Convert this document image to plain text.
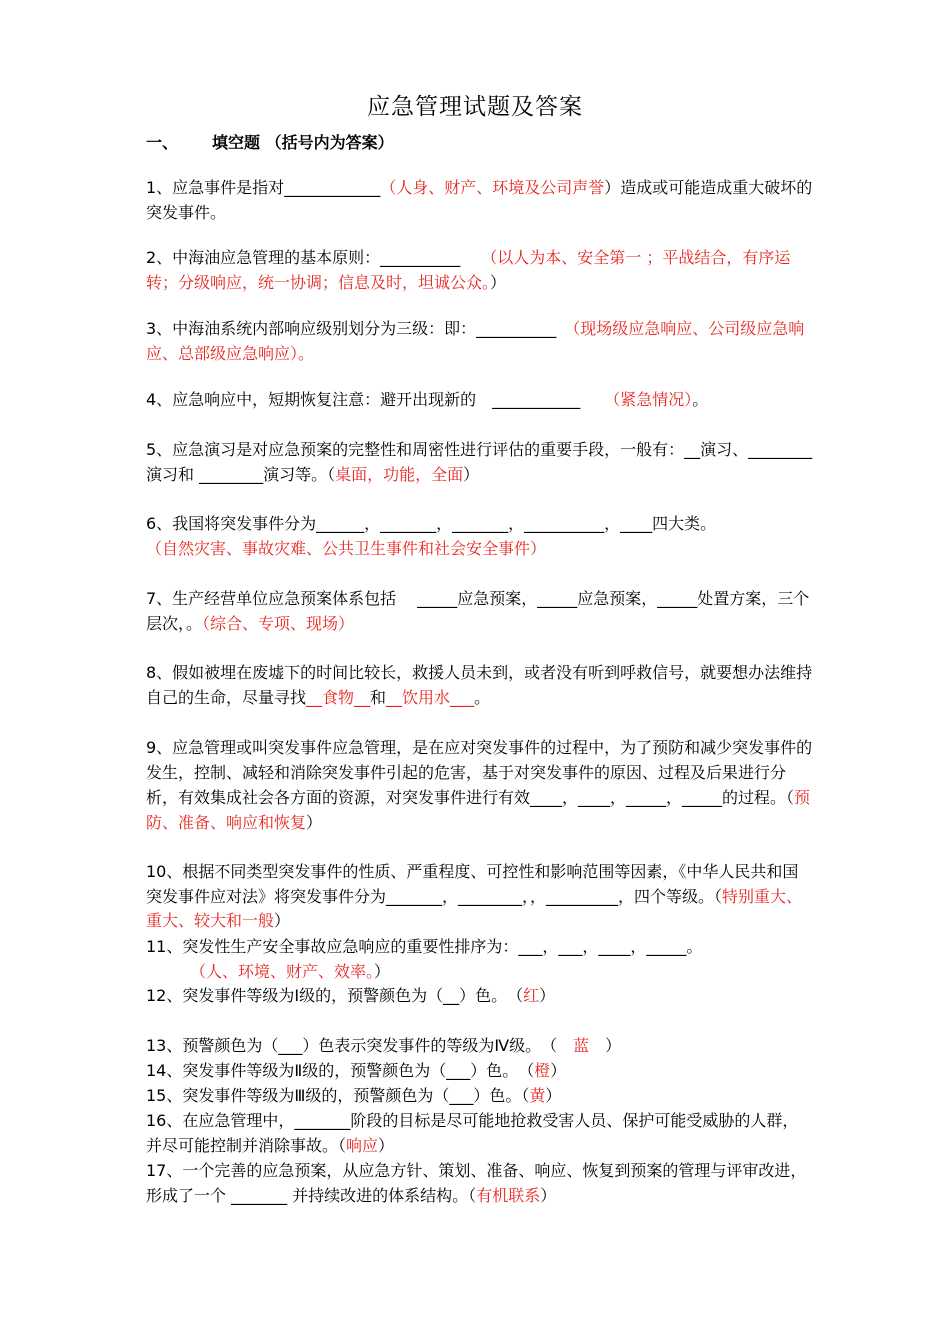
应急管理试题及答案
一、 填空题 （括号内为答案）
1、应急事件是指对____________（人身、财产、环境及公司声誉）造成或可能造成重大破坏的突发事件。
2、中海油应急管理的基本原则：__________　 （以人为本、安全第一 ；平战结合，有序运转；分级响应，统一协调；信息及时，坦诚公众。）
3、中海油系统内部响应级别划分为三级：即：__________　 （现场级应急响应、公司级应急响应、总部级应急响应）。
4、应急响应中，短期恢复注意：避开出现新的　 ___________　　 （紧急情况）。
5、应急演习是对应急预案的完整性和周密性进行评估的重要手段，一般有：__演习、________演习和 ________演习等。（桌面，功能，全面）
6、我国将突发事件分为______，_______，_______，__________，____四大类。
（自然灾害、事故灾难、公共卫生事件和社会安全事件）
7、生产经营单位应急预案体系包括　 _____应急预案，_____应急预案，_____处置方案，三个层次，。（综合、专项、现场）
8、假如被埋在废墟下的时间比较长，救援人员未到，或者没有听到呼救信号，就要想办法维持自己的生命，尽量寻找__食物__和__饮用水___。
9、应急管理或叫突发事件应急管理，是在应对突发事件的过程中，为了预防和减少突发事件的发生，控制、减轻和消除突发事件引起的危害，基于对突发事件的原因、过程及后果进行分析，有效集成社会各方面的资源，对突发事件进行有效____，____，_____，_____的过程。（预防、准备、响应和恢复）
10、根据不同类型突发事件的性质、严重程度、可控性和影响范围等因素，《中华人民共和国突发事件应对法》将突发事件分为_______，________，，_________，四个等级。（特别重大、重大、较大和一般）
11、突发性生产安全事故应急响应的重要性排序为：___，___，____，_____。
（人、环境、财产、效率。）
12、突发事件等级为Ⅰ级的，预警颜色为（__）色。　（红）
13、预警颜色为（___）色表示突发事件的等级为Ⅳ级。　（　蓝　）
14、突发事件等级为Ⅱ级的，预警颜色为（___）色。　（橙）
15、突发事件等级为Ⅲ级的，预警颜色为（___）色。（黄）
16、在应急管理中，_______阶段的目标是尽可能地抢救受害人员、保护可能受威胁的人群，并尽可能控制并消除事故。（响应）
17、一个完善的应急预案，从应急方针、策划、准备、响应、恢复到预案的管理与评审改进，形成了一个 _______ 并持续改进的体系结构。（有机联系）
